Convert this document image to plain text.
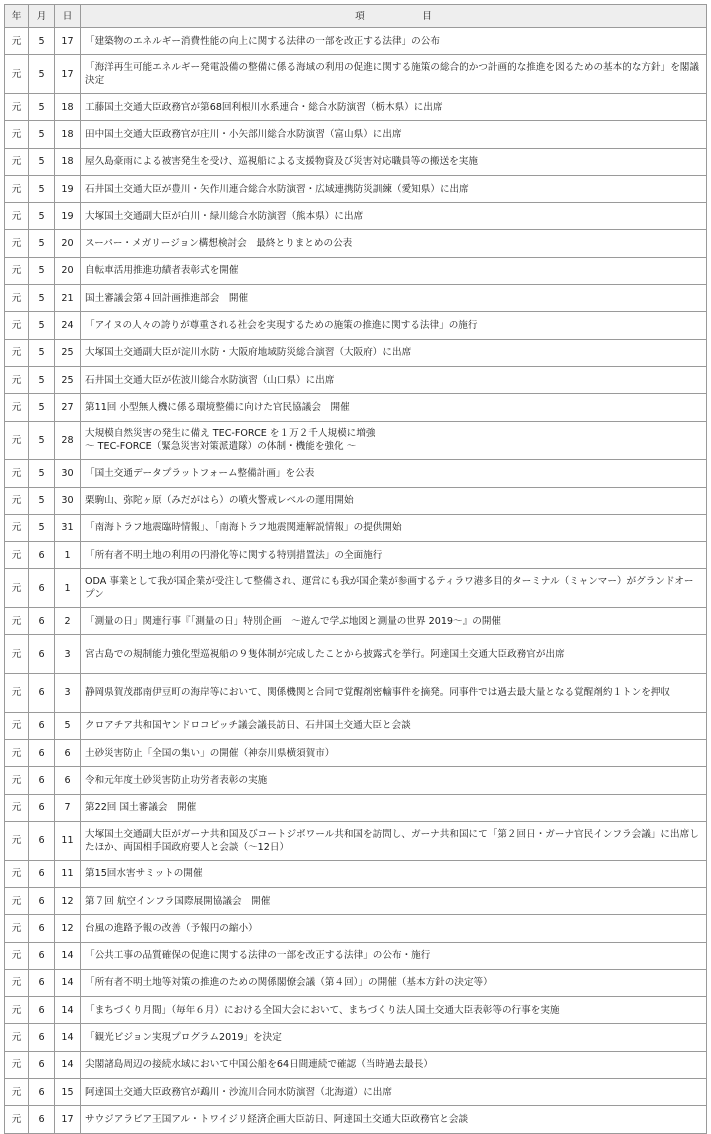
年	月	日	項　　　　　　目
元	5	17	「建築物のエネルギー消費性能の向上に関する法律の一部を改正する法律」の公布
元	5	17	「海洋再生可能エネルギー発電設備の整備に係る海域の利用の促進に関する施策の総合的かつ計画的な推進を図るための基本的な方針」を閣議決定
元	5	18	工藤国土交通大臣政務官が第68回利根川水系連合・総合水防演習（栃木県）に出席
元	5	18	田中国土交通大臣政務官が庄川・小矢部川総合水防演習（富山県）に出席
元	5	18	屋久島豪雨による被害発生を受け、巡視船による支援物資及び災害対応職員等の搬送を実施
元	5	19	石井国土交通大臣が豊川・矢作川連合総合水防演習・広域連携防災訓練（愛知県）に出席
元	5	19	大塚国土交通副大臣が白川・緑川総合水防演習（熊本県）に出席
元	5	20	スーパー・メガリージョン構想検討会　最終とりまとめの公表
元	5	20	自転車活用推進功績者表彰式を開催
元	5	21	国土審議会第４回計画推進部会　開催
元	5	24	「アイヌの人々の誇りが尊重される社会を実現するための施策の推進に関する法律」の施行
元	5	25	大塚国土交通副大臣が淀川水防・大阪府地域防災総合演習（大阪府）に出席
元	5	25	石井国土交通大臣が佐波川総合水防演習（山口県）に出席
元	5	27	第11回 小型無人機に係る環境整備に向けた官民協議会　開催
元	5	28	大規模自然災害の発生に備え TEC-FORCE を１万２千人規模に増強
～ TEC-FORCE（緊急災害対策派遣隊）の体制・機能を強化 ～
元	5	30	「国土交通データプラットフォーム整備計画」を公表
元	5	30	栗駒山、弥陀ヶ原（みだがはら）の噴火警戒レベルの運用開始
元	5	31	「南海トラフ地震臨時情報」、「南海トラフ地震関連解説情報」の提供開始
元	6	1	「所有者不明土地の利用の円滑化等に関する特別措置法」の全面施行
元	6	1	ODA 事業として我が国企業が受注して整備され、運営にも我が国企業が参画するティラワ港多目的ターミナル（ミャンマー）がグランドオープン
元	6	2	「測量の日」関連行事『「測量の日」特別企画　～遊んで学ぶ地図と測量の世界 2019～』の開催
元	6	3	宮古島での規制能力強化型巡視船の９隻体制が完成したことから披露式を挙行。阿達国土交通大臣政務官が出席
元	6	3	静岡県賀茂郡南伊豆町の海岸等において、関係機関と合同で覚醒剤密輸事件を摘発。同事件では過去最大量となる覚醒剤約１トンを押収
元	6	5	クロアチア共和国ヤンドロコビッチ議会議長訪日、石井国土交通大臣と会談
元	6	6	土砂災害防止「全国の集い」の開催（神奈川県横須賀市）
元	6	6	令和元年度土砂災害防止功労者表彰の実施
元	6	7	第22回 国土審議会　開催
元	6	11	大塚国土交通副大臣がガーナ共和国及びコートジボワール共和国を訪問し、ガーナ共和国にて「第２回日・ガーナ官民インフラ会議」に出席したほか、両国相手国政府要人と会談（～12日）
元	6	11	第15回水害サミットの開催
元	6	12	第７回 航空インフラ国際展開協議会　開催
元	6	12	台風の進路予報の改善（予報円の縮小）
元	6	14	「公共工事の品質確保の促進に関する法律の一部を改正する法律」の公布・施行
元	6	14	「所有者不明土地等対策の推進のための関係閣僚会議（第４回）」の開催（基本方針の決定等）
元	6	14	「まちづくり月間」（毎年６月）における全国大会において、まちづくり法人国土交通大臣表彰等の行事を実施
元	6	14	「観光ビジョン実現プログラム2019」を決定
元	6	14	尖閣諸島周辺の接続水域において中国公船を64日間連続で確認（当時過去最長）
元	6	15	阿達国土交通大臣政務官が鵡川・沙流川合同水防演習（北海道）に出席
元	6	17	サウジアラビア王国アル・トワイジリ経済企画大臣訪日、阿達国土交通大臣政務官と会談
